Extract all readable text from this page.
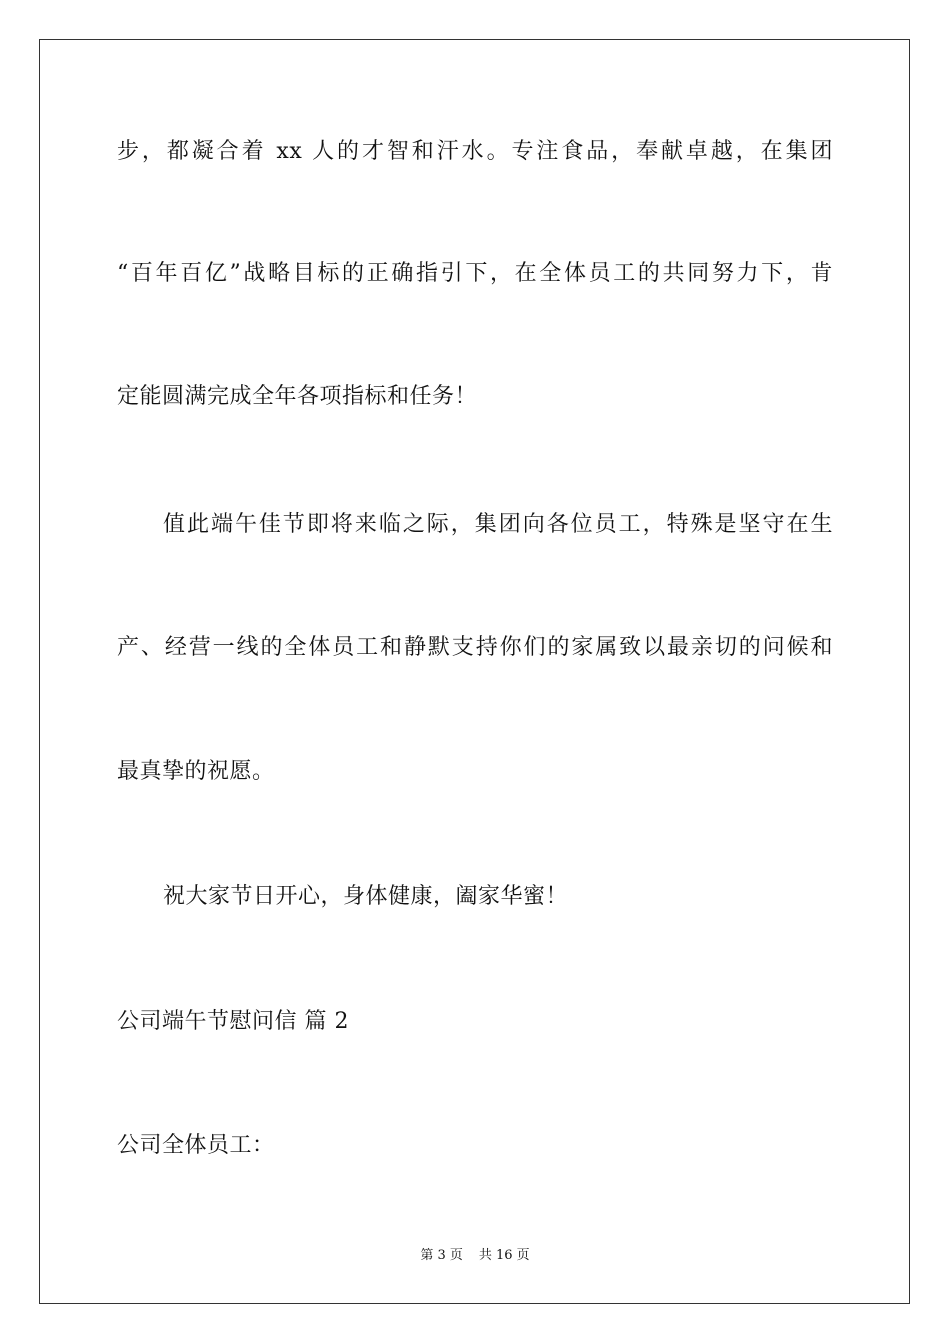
步，都凝合着 xx 人的才智和汗水。专注食品，奉献卓越，在集团
“百年百亿”战略目标的正确指引下，在全体员工的共同努力下，肯
定能圆满完成全年各项指标和任务！
值此端午佳节即将来临之际，集团向各位员工，特殊是坚守在生
产、经营一线的全体员工和静默支持你们的家属致以最亲切的问候和
最真挚的祝愿。
祝大家节日开心，身体健康，阖家华蜜！
公司端午节慰问信 篇 2
公司全体员工：
第 3 页 共 16 页
